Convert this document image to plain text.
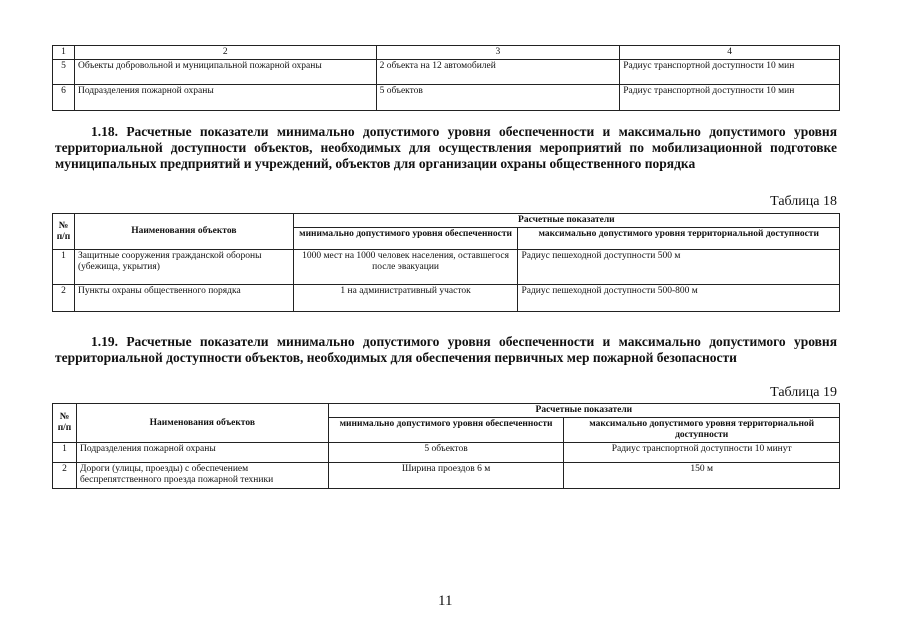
1	2	3	4
5	Объекты добровольной и муниципальной пожарной охраны	2 объекта на 12 автомобилей	Радиус транспортной доступности 10 мин
6	Подразделения пожарной охраны	5 объектов	Радиус транспортной доступности 10 мин

1.18. Расчетные показатели минимально допустимого уровня обеспеченности и максимально допустимого уровня территориальной доступности объектов, необходимых для осуществления мероприятий по мобилизационной подготовке муниципальных предприятий и учреждений, объектов для организации охраны общественного порядка

Таблица 18
№ п/п	Наименования объектов	Расчетные показатели	
		минимально допустимого уровня обеспеченности	максимально допустимого уровня территориальной доступности
1	Защитные сооружения гражданской обороны (убежища, укрытия)	1000 мест на 1000 человек населения, оставшегося после эвакуации	Радиус пешеходной доступности 500 м
2	Пункты охраны общественного порядка	1 на административный участок	Радиус пешеходной доступности 500-800 м

1.19. Расчетные показатели минимально допустимого уровня обеспеченности и максимально допустимого уровня территориальной доступности объектов, необходимых для обеспечения первичных мер пожарной безопасности

Таблица 19
№ п/п	Наименования объектов	Расчетные показатели	
		минимально допустимого уровня обеспеченности	максимально допустимого уровня территориальной доступности
1	Подразделения пожарной охраны	5 объектов	Радиус транспортной доступности 10 минут
2	Дороги (улицы, проезды) с обеспечением беспрепятственного проезда пожарной техники	Ширина проездов 6 м	150 м
11
